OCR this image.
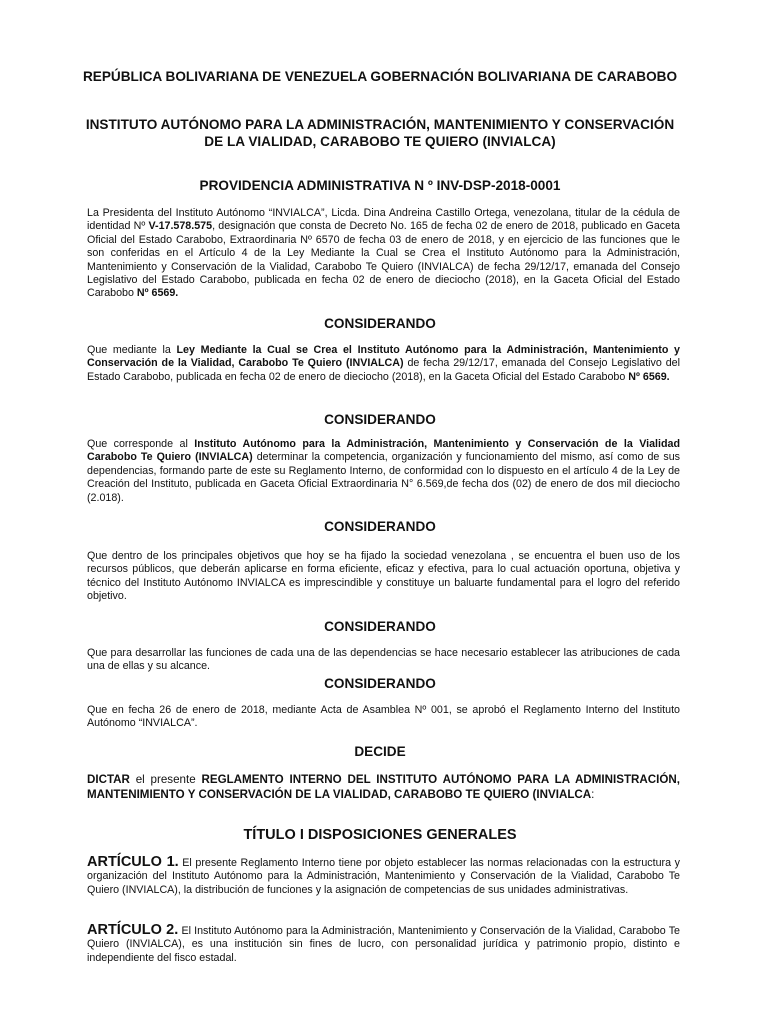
REPÚBLICA BOLIVARIANA DE VENEZUELA GOBERNACIÓN BOLIVARIANA DE CARABOBO

INSTITUTO AUTÓNOMO PARA LA ADMINISTRACIÓN, MANTENIMIENTO Y CONSERVACIÓN DE LA VIALIDAD, CARABOBO TE QUIERO (INVIALCA)

PROVIDENCIA ADMINISTRATIVA N º INV-DSP-2018-0001

La Presidenta del Instituto Autónomo “INVIALCA”, Licda. Dina Andreina Castillo Ortega, venezolana, titular de la cédula de identidad Nº V-17.578.575, designación que consta de Decreto No. 165 de fecha 02 de enero de 2018, publicado en Gaceta Oficial del Estado Carabobo, Extraordinaria Nº 6570 de fecha 03 de enero de 2018, y en ejercicio de las funciones que le son conferidas en el Artículo 4 de la Ley Mediante la Cual se Crea el Instituto Autónomo para la Administración, Mantenimiento y Conservación de la Vialidad, Carabobo Te Quiero (INVIALCA) de fecha 29/12/17, emanada del Consejo Legislativo del Estado Carabobo, publicada en fecha 02 de enero de dieciocho (2018), en la Gaceta Oficial del Estado Carabobo Nº 6569.

CONSIDERANDO

Que mediante la Ley Mediante la Cual se Crea el Instituto Autónomo para la Administración, Mantenimiento y Conservación de la Vialidad, Carabobo Te Quiero (INVIALCA) de fecha 29/12/17, emanada del Consejo Legislativo del Estado Carabobo, publicada en fecha 02 de enero de dieciocho (2018), en la Gaceta Oficial del Estado Carabobo Nº 6569.

CONSIDERANDO

Que corresponde al Instituto Autónomo para la Administración, Mantenimiento y Conservación de la Vialidad Carabobo Te Quiero (INVIALCA) determinar la competencia, organización y funcionamiento del mismo, así como de sus dependencias, formando parte de este su Reglamento Interno, de conformidad con lo dispuesto en el artículo 4 de la Ley de Creación del Instituto, publicada en Gaceta Oficial Extraordinaria N° 6.569,de fecha dos (02) de enero de dos mil dieciocho (2.018).

CONSIDERANDO

Que dentro de los principales objetivos que hoy se ha fijado la sociedad venezolana , se encuentra el buen uso de los recursos públicos, que deberán aplicarse en forma eficiente, eficaz y efectiva, para lo cual actuación oportuna, objetiva y técnico del Instituto Autónomo INVIALCA es imprescindible y constituye un baluarte fundamental para el logro del referido objetivo.

CONSIDERANDO

Que para desarrollar las funciones de cada una de las dependencias se hace necesario establecer las atribuciones de cada una de ellas y su alcance.

CONSIDERANDO

Que en fecha 26 de enero de 2018, mediante Acta de Asamblea Nº 001, se aprobó el Reglamento Interno del Instituto Autónomo “INVIALCA”.

DECIDE

DICTAR el presente REGLAMENTO INTERNO DEL INSTITUTO AUTÓNOMO PARA LA ADMINISTRACIÓN, MANTENIMIENTO Y CONSERVACIÓN DE LA VIALIDAD, CARABOBO TE QUIERO (INVIALCA:

TÍTULO I DISPOSICIONES GENERALES

ARTÍCULO 1. El presente Reglamento Interno tiene por objeto establecer las normas relacionadas con la estructura y organización del Instituto Autónomo para la Administración, Mantenimiento y Conservación de la Vialidad, Carabobo Te Quiero (INVIALCA), la distribución de funciones y la asignación de competencias de sus unidades administrativas.

ARTÍCULO 2. El Instituto Autónomo para la Administración, Mantenimiento y Conservación de la Vialidad, Carabobo Te Quiero (INVIALCA), es una institución sin fines de lucro, con personalidad jurídica y patrimonio propio, distinto e independiente del fisco estadal.
